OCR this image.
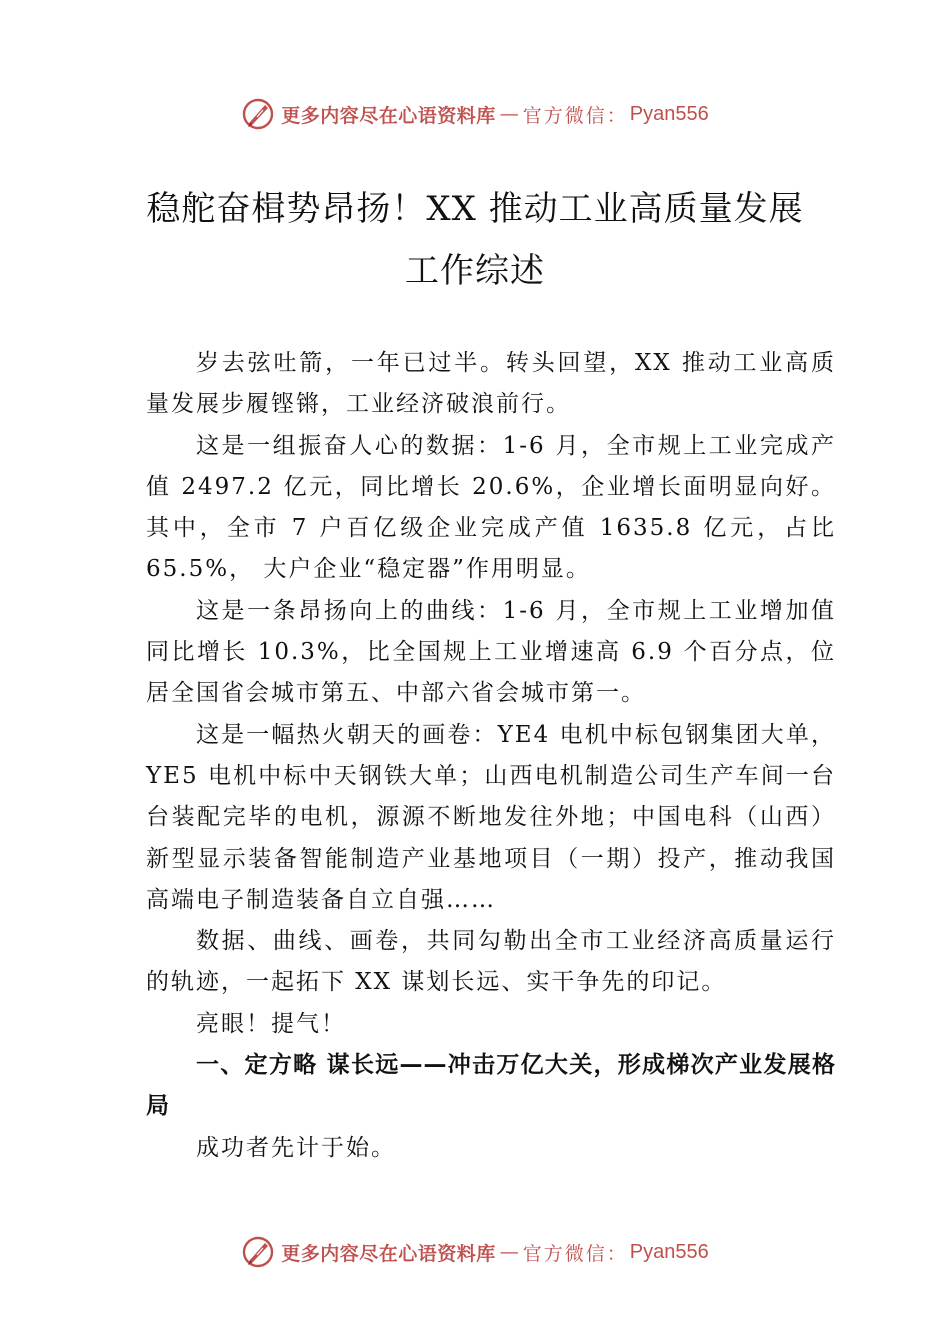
更多内容尽在心语资料库 — 官方微信： Pyan556
稳舵奋楫势昂扬！XX 推动工业高质量发展
工作综述

岁去弦吐箭，一年已过半。转头回望，XX 推动工业高质量发展步履铿锵，工业经济破浪前行。

这是一组振奋人心的数据：1-6 月，全市规上工业完成产值 2497.2 亿元，同比增长 20.6%，企业增长面明显向好。其中，全市 7 户百亿级企业完成产值 1635.8 亿元，占比 65.5%， 大户企业“稳定器”作用明显。

这是一条昂扬向上的曲线：1-6 月，全市规上工业增加值同比增长 10.3%，比全国规上工业增速高 6.9 个百分点，位居全国省会城市第五、中部六省会城市第一。

这是一幅热火朝天的画卷：YE4 电机中标包钢集团大单，YE5 电机中标中天钢铁大单；山西电机制造公司生产车间一台台装配完毕的电机，源源不断地发往外地；中国电科（山西）新型显示装备智能制造产业基地项目（一期）投产，推动我国高端电子制造装备自立自强……

数据、曲线、画卷，共同勾勒出全市工业经济高质量运行的轨迹，一起拓下 XX 谋划长远、实干争先的印记。

亮眼！提气！

一、定方略 谋长远——冲击万亿大关，形成梯次产业发展格局

成功者先计于始。

更多内容尽在心语资料库 — 官方微信： Pyan556
